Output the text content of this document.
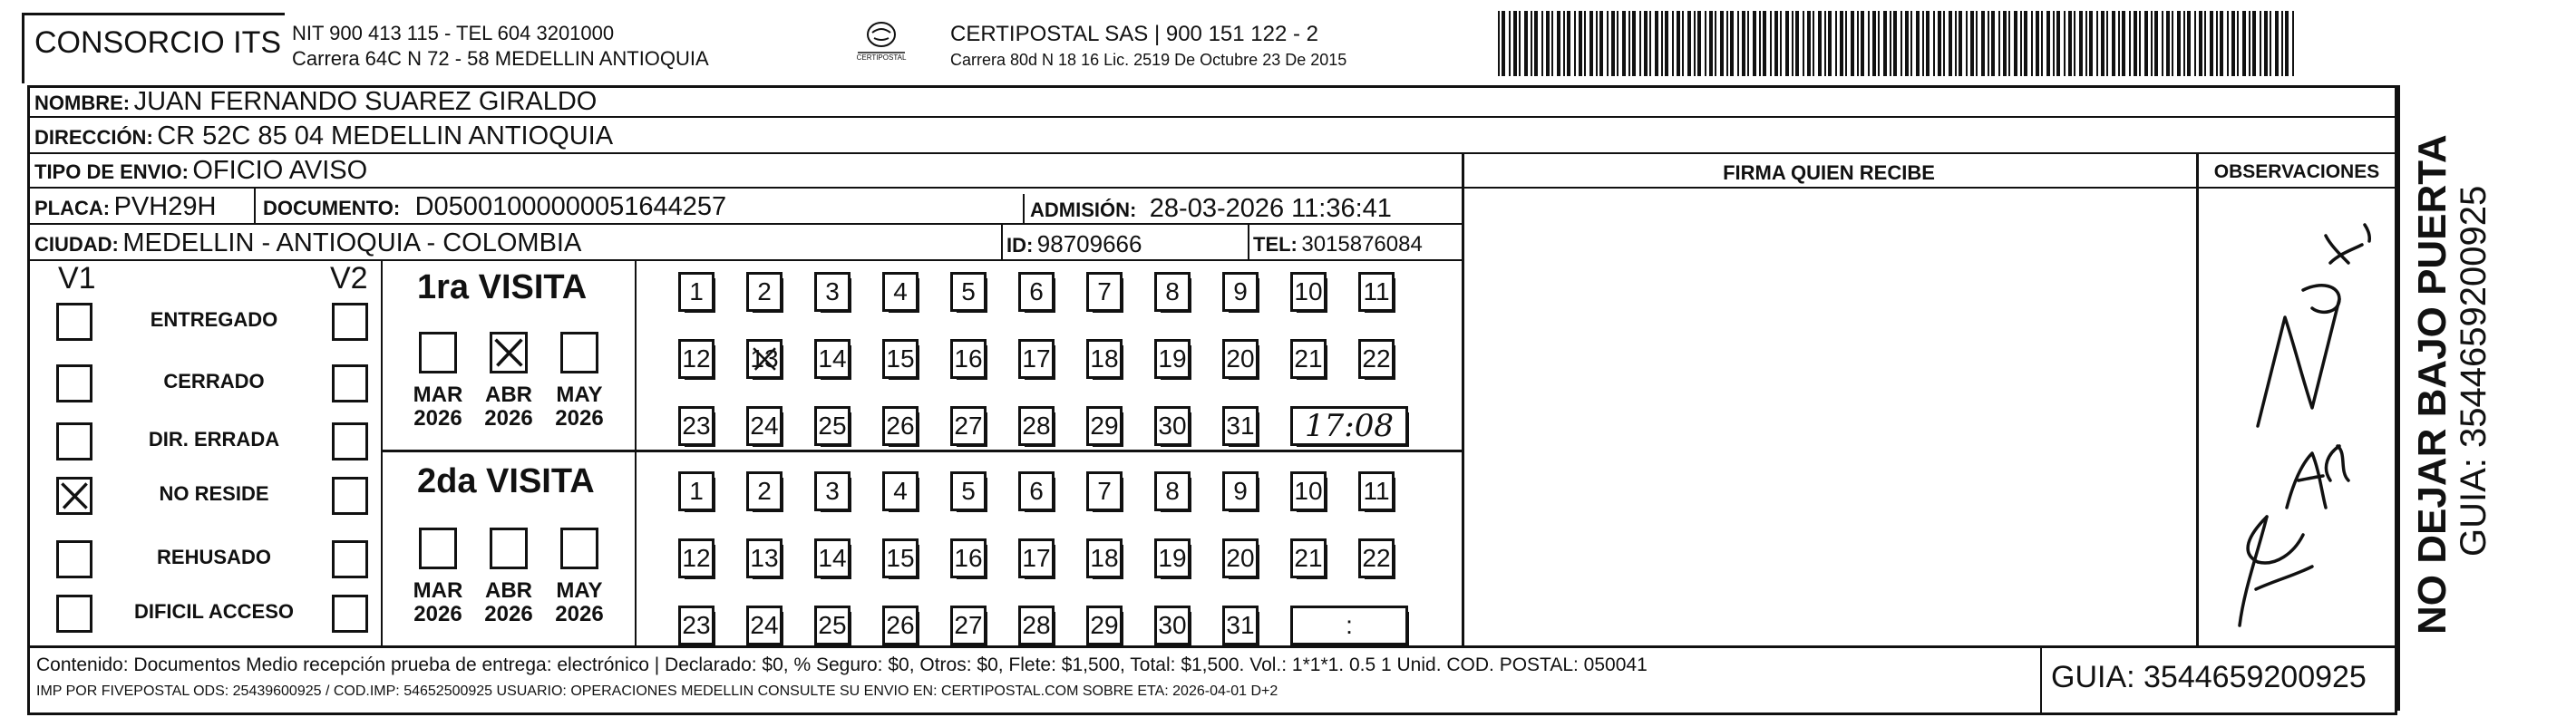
CONSORCIO ITS NIT 900 413 115 - TEL 604 3201000
Carrera 64C N 72 - 58 MEDELLIN ANTIOQUIA	CERTIPOSTAL
CERTIPOSTAL SAS | 900 151 122 - 2
Carrera 80d N 18 16 Lic. 2519 De Octubre 23 De 2015
NOMBRE: JUAN FERNANDO SUAREZ GIRALDO
DIRECCIÓN: CR 52C 85 04 MEDELLIN ANTIOQUIA
TIPO DE ENVIO: OFICIO AVISO
PLACA: PVH29H DOCUMENTO: D05001000000051644257	ADMISIÓN: 28-03-2026 11:36:41
CIUDAD: MEDELLIN - ANTIOQUIA - COLOMBIA	ID: 98709666	TEL: 3015876084
FIRMA QUIEN RECIBE	OBSERVACIONES
V1	V2
ENTREGADO
CERRADO
DIR. ERRADA
NO RESIDE
REHUSADO
DIFICIL ACCESO
1ra VISITA
2da VISITA
MAR
2026
ABR
2026
MAY
2026
MAR
2026
ABR
2026
MAY
2026
1	2	3	4	5	6	7	8	9	10 11
12 13 14 15 16 17 18 19 20 21 22
23 24 25 26 27 28 29 30 31	17:08
1	2	3	4	5	6	7	8	9	10 11
12 13 14 15 16 17 18 19 20 21 22
23 24 25 26 27 28 29 30 31	:	NO DEJAR BAJO PUERTA GUIA: 3544659200925
Contenido: Documentos Medio recepción prueba de entrega: electrónico | Declarado: $0, % Seguro: $0, Otros: $0, Flete: $1,500, Total: $1,500. Vol.: 1*1*1. 0.5 1 Unid. COD. POSTAL: 050041
IMP POR FIVEPOSTAL ODS: 25439600925 / COD.IMP: 54652500925 USUARIO: OPERACIONES MEDELLIN CONSULTE SU ENVIO EN: CERTIPOSTAL.COM SOBRE ETA: 2026-04-01 D+2	GUIA: 3544659200925
